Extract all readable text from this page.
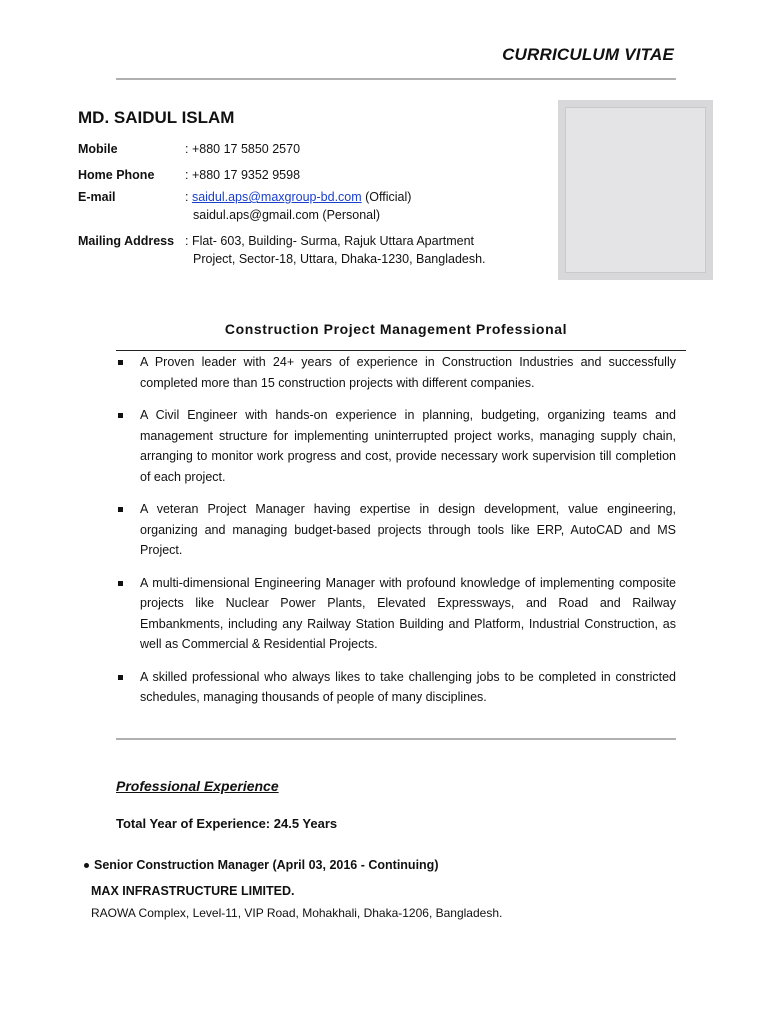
CURRICULUM VITAE
MD. SAIDUL ISLAM
Mobile	: +880 17 5850 2570
Home Phone : +880 17 9352 9598
E-mail	: saidul.aps@maxgroup-bd.com (Official)
saidul.aps@gmail.com (Personal)
Mailing Address : Flat- 603, Building- Surma, Rajuk Uttara Apartment
Project, Sector-18, Uttara, Dhaka-1230, Bangladesh.
Construction Project Management Professional
A Proven leader with 24+ years of experience in Construction Industries and successfully completed more than 15 construction projects with different companies.
A Civil Engineer with hands-on experience in planning, budgeting, organizing teams and management structure for implementing uninterrupted project works, managing supply chain, arranging to monitor work progress and cost, provide necessary work supervision till completion of each project.
A veteran Project Manager having expertise in design development, value engineering, organizing and managing budget-based projects through tools like ERP, AutoCAD and MS Project.
A multi-dimensional Engineering Manager with profound knowledge of implementing composite projects like Nuclear Power Plants, Elevated Expressways, and Road and Railway Embankments, including any Railway Station Building and Platform, Industrial Construction, as well as Commercial & Residential Projects.
A skilled professional who always likes to take challenging jobs to be completed in constricted schedules, managing thousands of people of many disciplines.
Professional Experience
Total Year of Experience: 24.5 Years
Senior Construction Manager (April 03, 2016 - Continuing)
MAX INFRASTRUCTURE LIMITED.
RAOWA Complex, Level-11, VIP Road, Mohakhali, Dhaka-1206, Bangladesh.
